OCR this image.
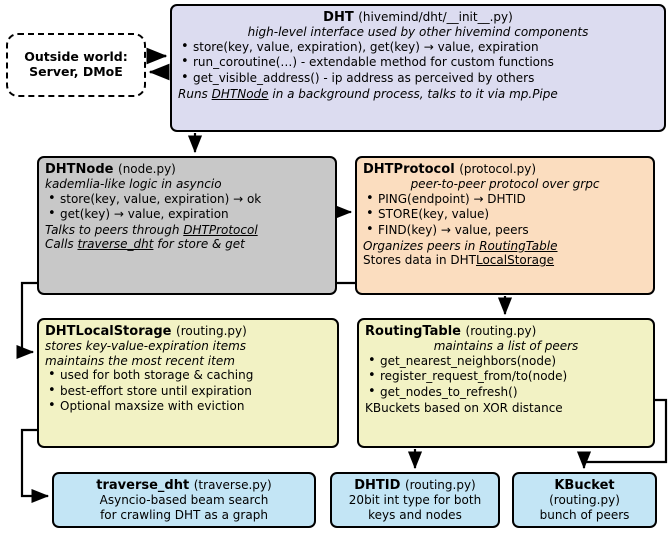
Outside world:
Server, DMoE
DHT (hivemind/dht/__init__.py)
high-level interface used by other hivemind components
• store(key, value, expiration), get(key) → value, expiration
• run_coroutine(…) - extendable method for custom functions
• get_visible_address() - ip address as perceived by others
Runs DHTNode in a background process, talks to it via mp.Pipe
DHTNode (node.py)
kademlia-like logic in asyncio
• store(key, value, expiration) → ok
• get(key) → value, expiration
Talks to peers through DHTProtocol
Calls traverse_dht for store & get
DHTProtocol (protocol.py)
peer-to-peer protocol over grpc
• PING(endpoint) → DHTID
• STORE(key, value)
• FIND(key) → value, peers
Organizes peers in RoutingTable
Stores data in DHTLocalStorage
DHTLocalStorage (routing.py)
stores key-value-expiration items
maintains the most recent item
• used for both storage & caching
• best-effort store until expiration
• Optional maxsize with eviction
RoutingTable (routing.py)
maintains a list of peers
• get_nearest_neighbors(node)
• register_request_from/to(node)
• get_nodes_to_refresh()
KBuckets based on XOR distance
traverse_dht (traverse.py)
Asyncio-based beam search
for crawling DHT as a graph
DHTID (routing.py)
20bit int type for both
keys and nodes
KBucket
(routing.py)
bunch of peers
